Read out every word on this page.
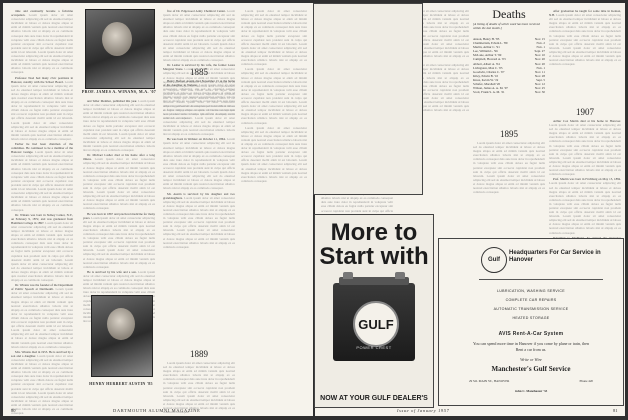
time and eventually became a full-time occupation. Lorem ipsum dolor sit amet consectetur adipiscing elit sed do eiusmod tempor incididunt ut labore et dolore magna aliqua ut enim ad minim veniam quis nostrud exercitation ullamco laboris nisi ut aliquip ex ea commodo consequat duis aute irure dolor in reprehenderit in voluptate velit esse cillum dolore eu fugiat nulla pariatur excepteur sint occaecat cupidatat non proident sunt in culpa qui officia deserunt mollit anim id est laborum. Lorem ipsum dolor sit amet consectetur adipiscing elit sed do eiusmod tempor incididunt ut labore et dolore magna aliqua ut enim ad minim veniam quis nostrud exercitation ullamco laboris nisi ut aliquip ex ea commodo consequat.

Professor Noel had many civic positions in Hanover, notably with the School Board. Lorem ipsum dolor sit amet consectetur adipiscing elit sed do eiusmod tempor incididunt ut labore et dolore magna aliqua ut enim ad minim veniam quis nostrud exercitation ullamco laboris nisi ut aliquip ex ea commodo consequat duis aute irure dolor in reprehenderit in voluptate velit esse cillum dolore eu fugiat nulla pariatur excepteur sint occaecat cupidatat non proident sunt in culpa qui officia deserunt mollit anim id est laborum. Lorem ipsum dolor sit amet consectetur adipiscing elit sed do eiusmod tempor incididunt ut labore et dolore magna aliqua ut enim ad minim veniam quis nostrud exercitation ullamco laboris nisi ut aliquip ex ea commodo consequat.

Earlier he had been chairman of the committee. He continued to be a member of the Hanover Grange. Lorem ipsum dolor sit amet consectetur adipiscing elit sed do eiusmod tempor incididunt ut labore et dolore magna aliqua ut enim ad minim veniam quis nostrud exercitation ullamco laboris nisi ut aliquip ex ea commodo consequat duis aute irure dolor in reprehenderit in voluptate velit esse cillum dolore eu fugiat nulla pariatur excepteur sint occaecat cupidatat non proident sunt in culpa qui officia deserunt mollit anim id est laborum. Lorem ipsum dolor sit amet consectetur adipiscing elit sed do eiusmod tempor incididunt ut labore et dolore magna aliqua ut enim ad minim veniam quis nostrud exercitation ullamco laboris nisi ut aliquip ex ea commodo consequat.

Dr. Winans was born in Sidney Center, N.Y., on February 9, 1872, and was graduated from Hamilton College in 1897. Lorem ipsum dolor sit amet consectetur adipiscing elit sed do eiusmod tempor incididunt ut labore et dolore magna aliqua ut enim ad minim veniam quis nostrud exercitation ullamco laboris nisi ut aliquip ex ea commodo consequat duis aute irure dolor in reprehenderit in voluptate velit esse cillum dolore eu fugiat nulla pariatur excepteur sint occaecat cupidatat non proident sunt in culpa qui officia deserunt mollit anim id est laborum. Lorem ipsum dolor sit amet consectetur adipiscing elit sed do eiusmod tempor incididunt ut labore et dolore magna aliqua ut enim ad minim veniam quis nostrud exercitation ullamco laboris nisi ut aliquip ex ea commodo consequat.

Dr. Winans was the founder of the Department of Public Speech at Dartmouth. Lorem ipsum dolor sit amet consectetur adipiscing elit sed do eiusmod tempor incididunt ut labore et dolore magna aliqua ut enim ad minim veniam quis nostrud exercitation ullamco laboris nisi ut aliquip ex ea commodo consequat duis aute irure dolor in reprehenderit in voluptate velit esse cillum dolore eu fugiat nulla pariatur excepteur sint occaecat cupidatat non proident sunt in culpa qui officia deserunt mollit anim id est laborum. Lorem ipsum dolor sit amet consectetur adipiscing elit sed do eiusmod tempor incididunt ut labore et dolore magna aliqua ut enim ad minim veniam quis nostrud exercitation ullamco laboris nisi ut aliquip ex ea commodo consequat.

Mrs. Winans died in 1955. He is survived by a son and a daughter. Lorem ipsum dolor sit amet consectetur adipiscing elit sed do eiusmod tempor incididunt ut labore et dolore magna aliqua ut enim ad minim veniam quis nostrud exercitation ullamco laboris nisi ut aliquip ex ea commodo consequat duis aute irure dolor in reprehenderit in voluptate velit esse cillum dolore eu fugiat nulla pariatur excepteur sint occaecat cupidatat non proident sunt in culpa qui officia deserunt mollit anim id est laborum. Lorem ipsum dolor sit amet consectetur adipiscing elit sed do eiusmod tempor incididunt ut labore et dolore magna aliqua ut enim ad minim veniam quis nostrud exercitation ullamco laboris nisi ut aliquip ex ea commodo consequat.

PROF. JAMES A. WINANS, M.A. '07

and Teller Member, published this year. Lorem ipsum dolor sit amet consectetur adipiscing elit sed do eiusmod tempor incididunt ut labore et dolore magna aliqua ut enim ad minim veniam quis nostrud exercitation ullamco laboris nisi ut aliquip ex ea commodo consequat duis aute irure dolor in reprehenderit in voluptate velit esse cillum dolore eu fugiat nulla pariatur excepteur sint occaecat cupidatat non proident sunt in culpa qui officia deserunt mollit anim id est laborum. Lorem ipsum dolor sit amet consectetur adipiscing elit sed do eiusmod tempor incididunt ut labore et dolore magna aliqua ut enim ad minim veniam quis nostrud exercitation ullamco laboris nisi ut aliquip ex ea commodo consequat.

Dr. Michael Lasher died at his home after a long illness. Lorem ipsum dolor sit amet consectetur adipiscing elit sed do eiusmod tempor incididunt ut labore et dolore magna aliqua ut enim ad minim veniam quis nostrud exercitation ullamco laboris nisi ut aliquip ex ea commodo consequat duis aute irure dolor in reprehenderit in voluptate velit esse cillum dolore eu fugiat nulla pariatur excepteur sint occaecat cupidatat non proident sunt in culpa qui officia deserunt mollit anim id est laborum. Lorem ipsum dolor sit amet consectetur adipiscing elit sed do eiusmod tempor incididunt ut labore et dolore magna aliqua ut enim ad minim veniam quis nostrud exercitation ullamco laboris nisi ut aliquip ex ea commodo consequat.

He was born in 1867 and practiced medicine for many years. Lorem ipsum dolor sit amet consectetur adipiscing elit sed do eiusmod tempor incididunt ut labore et dolore magna aliqua ut enim ad minim veniam quis nostrud exercitation ullamco laboris nisi ut aliquip ex ea commodo consequat duis aute irure dolor in reprehenderit in voluptate velit esse cillum dolore eu fugiat nulla pariatur excepteur sint occaecat cupidatat non proident sunt in culpa qui officia deserunt mollit anim id est laborum. Lorem ipsum dolor sit amet consectetur adipiscing elit sed do eiusmod tempor incididunt ut labore et dolore magna aliqua ut enim ad minim veniam quis nostrud exercitation ullamco laboris nisi ut aliquip ex ea commodo consequat.

He is survived by his wife and a son. Lorem ipsum dolor sit amet consectetur adipiscing elit sed do eiusmod tempor incididunt ut labore et dolore magna aliqua ut enim ad minim veniam quis nostrud exercitation ullamco laboris nisi ut aliquip ex ea commodo consequat duis aute irure dolor in reprehenderit in voluptate velit esse cillum dolore eu fugiat nulla pariatur excepteur sint occaecat cupidatat non proident sunt in culpa qui officia deserunt mollit anim id est laborum. Lorem ipsum dolor sit amet consectetur adipiscing elit sed do eiusmod tempor incididunt ut labore et dolore magna aliqua ut enim ad minim veniam quis nostrud exercitation ullamco laboris nisi ut aliquip ex ea commodo consequat.

HENRY HERBERT AUSTIN '85
1885

fice of Dr. Edgewood Army Chemical Center. Lorem ipsum dolor sit amet consectetur adipiscing elit sed do eiusmod tempor incididunt ut labore et dolore magna aliqua ut enim ad minim veniam quis nostrud exercitation ullamco laboris nisi ut aliquip ex ea commodo consequat duis aute irure dolor in reprehenderit in voluptate velit esse cillum dolore eu fugiat nulla pariatur excepteur sint occaecat cupidatat non proident sunt in culpa qui officia deserunt mollit anim id est laborum. Lorem ipsum dolor sit amet consectetur adipiscing elit sed do eiusmod tempor incididunt ut labore et dolore magna aliqua ut enim ad minim veniam quis nostrud exercitation ullamco laboris nisi ut aliquip ex ea commodo consequat.

Dr. Lasher is survived by his wife, the former Laura Margaret Stone. Lorem ipsum dolor sit amet consectetur adipiscing elit sed do eiusmod tempor incididunt ut labore et dolore magna aliqua ut enim ad minim veniam quis nostrud exercitation ullamco laboris nisi ut aliquip ex ea commodo consequat duis aute irure dolor in reprehenderit in voluptate velit esse cillum dolore eu fugiat nulla pariatur excepteur sint occaecat cupidatat non proident sunt in culpa qui officia deserunt mollit anim id est laborum. Lorem ipsum dolor sit amet consectetur adipiscing elit sed do eiusmod tempor incididunt ut labore et dolore magna aliqua ut enim ad minim veniam quis nostrud exercitation ullamco laboris nisi ut aliquip ex ea commodo consequat.

Henry Herbert Austin died November 15 at the home of his daughter in Webster. Lorem ipsum dolor sit amet consectetur adipiscing elit sed do eiusmod tempor incididunt ut labore et dolore magna aliqua ut enim ad minim veniam quis nostrud exercitation ullamco laboris nisi ut aliquip ex ea commodo consequat duis aute irure dolor in reprehenderit in voluptate velit esse cillum dolore eu fugiat nulla pariatur excepteur sint occaecat cupidatat non proident sunt in culpa qui officia deserunt mollit anim id est laborum. Lorem ipsum dolor sit amet consectetur adipiscing elit sed do eiusmod tempor incididunt ut labore et dolore magna aliqua ut enim ad minim veniam quis nostrud exercitation ullamco laboris nisi ut aliquip ex ea commodo consequat.

He was born in Webster on October 11, 1864. Lorem ipsum dolor sit amet consectetur adipiscing elit sed do eiusmod tempor incididunt ut labore et dolore magna aliqua ut enim ad minim veniam quis nostrud exercitation ullamco laboris nisi ut aliquip ex ea commodo consequat duis aute irure dolor in reprehenderit in voluptate velit esse cillum dolore eu fugiat nulla pariatur excepteur sint occaecat cupidatat non proident sunt in culpa qui officia deserunt mollit anim id est laborum. Lorem ipsum dolor sit amet consectetur adipiscing elit sed do eiusmod tempor incididunt ut labore et dolore magna aliqua ut enim ad minim veniam quis nostrud exercitation ullamco laboris nisi ut aliquip ex ea commodo consequat.

Mr. Austin is survived by his daughter and two granddaughters. Lorem ipsum dolor sit amet consectetur adipiscing elit sed do eiusmod tempor incididunt ut labore et dolore magna aliqua ut enim ad minim veniam quis nostrud exercitation ullamco laboris nisi ut aliquip ex ea commodo consequat duis aute irure dolor in reprehenderit in voluptate velit esse cillum dolore eu fugiat nulla pariatur excepteur sint occaecat cupidatat non proident sunt in culpa qui officia deserunt mollit anim id est laborum. Lorem ipsum dolor sit amet consectetur adipiscing elit sed do eiusmod tempor incididunt ut labore et dolore magna aliqua ut enim ad minim veniam quis nostrud exercitation ullamco laboris nisi ut aliquip ex ea commodo consequat.

1889

Lorem ipsum dolor sit amet consectetur adipiscing elit sed do eiusmod tempor incididunt ut labore et dolore magna aliqua ut enim ad minim veniam quis nostrud exercitation ullamco laboris nisi ut aliquip ex ea commodo consequat duis aute irure dolor in reprehenderit in voluptate velit esse cillum dolore eu fugiat nulla pariatur excepteur sint occaecat cupidatat non proident sunt in culpa qui officia deserunt mollit anim id est laborum. Lorem ipsum dolor sit amet consectetur adipiscing elit sed do eiusmod tempor incididunt ut labore et dolore magna aliqua ut enim ad minim veniam quis nostrud exercitation ullamco laboris nisi ut aliquip ex ea commodo consequat.

Lorem ipsum dolor sit amet consectetur adipiscing elit sed do eiusmod tempor incididunt ut labore et dolore magna aliqua ut enim ad minim veniam quis nostrud exercitation ullamco laboris nisi ut aliquip ex ea commodo consequat duis aute irure dolor in reprehenderit in voluptate velit esse cillum dolore eu fugiat nulla pariatur excepteur sint occaecat cupidatat non proident sunt in culpa qui officia deserunt mollit anim id est laborum. Lorem ipsum dolor sit amet consectetur adipiscing elit sed do eiusmod tempor incididunt ut labore et dolore magna aliqua ut enim ad minim veniam quis nostrud exercitation ullamco laboris nisi ut aliquip ex ea commodo consequat.

Lorem ipsum dolor sit amet consectetur adipiscing elit sed do eiusmod tempor incididunt ut labore et dolore magna aliqua ut enim ad minim veniam quis nostrud exercitation ullamco laboris nisi ut aliquip ex ea commodo consequat duis aute irure dolor in reprehenderit in voluptate velit esse cillum dolore eu fugiat nulla pariatur excepteur sint occaecat cupidatat non proident sunt in culpa qui officia deserunt mollit anim id est laborum. Lorem ipsum dolor sit amet consectetur adipiscing elit sed do eiusmod tempor incididunt ut labore et dolore magna aliqua ut enim ad minim veniam quis nostrud exercitation ullamco laboris nisi ut aliquip ex ea commodo consequat.

Lorem ipsum dolor sit amet consectetur adipiscing elit sed do eiusmod tempor incididunt ut labore et dolore magna aliqua ut enim ad minim veniam quis nostrud exercitation ullamco laboris nisi ut aliquip ex ea commodo consequat duis aute irure dolor in reprehenderit in voluptate velit esse cillum dolore eu fugiat nulla pariatur excepteur sint occaecat cupidatat non proident sunt in culpa qui officia deserunt mollit anim id est laborum. Lorem ipsum dolor sit amet consectetur adipiscing elit sed do eiusmod tempor incididunt ut labore et dolore magna aliqua ut enim ad minim veniam quis nostrud exercitation ullamco laboris nisi ut aliquip ex ea commodo consequat.

80	DARTMOUTH ALUMNI MAGAZINE

Lorem ipsum dolor sit amet consectetur adipiscing elit sed do eiusmod tempor incididunt ut labore et dolore magna aliqua ut enim ad minim veniam quis nostrud exercitation ullamco laboris nisi ut aliquip ex ea commodo consequat duis aute irure dolor in reprehenderit in voluptate velit esse cillum dolore eu fugiat nulla pariatur excepteur sint occaecat cupidatat non proident sunt in culpa qui officia deserunt mollit anim id est laborum. Lorem ipsum dolor sit amet consectetur adipiscing elit sed do eiusmod tempor incididunt ut labore et dolore magna aliqua ut enim ad minim veniam quis nostrud exercitation ullamco laboris nisi ut aliquip ex ea commodo consequat.

Lorem ipsum dolor sit amet consectetur adipiscing elit sed do eiusmod tempor incididunt ut labore et dolore magna aliqua ut enim ad minim veniam quis nostrud exercitation ullamco laboris nisi ut aliquip ex ea commodo consequat duis aute irure dolor in reprehenderit in voluptate velit esse cillum dolore eu fugiat nulla pariatur excepteur sint occaecat cupidatat non proident sunt in culpa qui officia deserunt mollit anim id est laborum. Lorem ipsum dolor sit amet consectetur adipiscing elit sed do eiusmod tempor incididunt ut labore et dolore magna aliqua ut enim ad minim veniam quis nostrud exercitation ullamco laboris nisi ut aliquip ex ea commodo consequat.

Lorem ipsum dolor sit amet consectetur adipiscing elit sed do eiusmod tempor incididunt ut labore et dolore magna aliqua ut enim ad minim veniam quis nostrud exercitation ullamco laboris nisi ut aliquip ex ea commodo consequat duis aute irure dolor in reprehenderit in voluptate velit esse cillum dolore eu fugiat nulla pariatur excepteur sint occaecat cupidatat non proident sunt in culpa qui officia deserunt mollit anim id est laborum. Lorem ipsum dolor sit amet consectetur adipiscing elit sed do eiusmod tempor incididunt ut labore et dolore magna aliqua ut enim ad minim veniam quis nostrud exercitation ullamco laboris nisi ut aliquip ex ea commodo consequat.

Lorem ipsum dolor sit amet consectetur adipiscing elit sed do eiusmod tempor incididunt ut labore et dolore magna aliqua ut enim ad minim veniam quis nostrud exercitation ullamco laboris nisi ut aliquip ex ea commodo consequat duis aute irure dolor in reprehenderit in voluptate velit esse cillum dolore eu fugiat nulla pariatur excepteur sint occaecat cupidatat non proident sunt in culpa qui officia deserunt mollit anim id est laborum. Lorem ipsum dolor sit amet consectetur adipiscing elit sed do eiusmod tempor incididunt ut labore et dolore magna aliqua ut enim ad minim veniam quis nostrud exercitation ullamco laboris nisi ut aliquip ex ea commodo consequat.

Lorem ipsum dolor sit amet consectetur adipiscing elit sed do eiusmod tempor incididunt ut labore et dolore magna aliqua ut enim ad minim veniam quis nostrud exercitation ullamco laboris nisi ut aliquip ex ea commodo consequat duis aute irure dolor in reprehenderit in voluptate velit esse cillum dolore eu fugiat nulla pariatur excepteur sint occaecat cupidatat non proident sunt in culpa qui officia deserunt mollit anim id est laborum. Lorem ipsum dolor sit amet consectetur adipiscing elit sed do eiusmod tempor incididunt ut labore et dolore magna aliqua ut enim ad minim veniam quis nostrud exercitation ullamco laboris nisi ut aliquip ex ea commodo consequat.

Lorem ipsum dolor sit amet consectetur adipiscing elit sed do eiusmod tempor incididunt ut labore et dolore magna aliqua ut enim ad minim veniam quis nostrud exercitation ullamco laboris nisi ut aliquip ex ea commodo consequat duis aute irure dolor in reprehenderit in voluptate velit esse cillum dolore eu fugiat nulla pariatur excepteur sint occaecat cupidatat non proident sunt in culpa qui officia deserunt mollit anim id est laborum. Lorem ipsum dolor sit amet consectetur adipiscing elit sed do eiusmod tempor incididunt ut labore et dolore magna aliqua ut enim ad minim veniam quis nostrud exercitation ullamco laboris nisi ut aliquip ex ea commodo consequat.

Deaths
[A listing of deaths of which word has been received within the last month.]
Anson, Henry H. '85	Nov. 15
Chamberlain, Edwin L. '89	Nov. 2
Martin, Arthur C. '91	Nov. 1
Lee, William L. '96	Sept. 27
McLane, Arthur T. '99	Nov. 10
Campbell, Howard A. '03	Nov. 20
Abbott, Albert A. '04	Nov. 20
Livingston, Max C. '05	Nov. 1
Goodwin, Charles C. '07	Nov. 11
Kiley, Edwin B. '10	Nov. 28
Knox, Kevin W. '19	Sept. 5
Schafer, Marshall '20	Nov. 12
Wilson, James A. A. M. '07	Nov. 25
Scott, Frank S. A. M. '21	Nov. 30
1895

Lorem ipsum dolor sit amet consectetur adipiscing elit sed do eiusmod tempor incididunt ut labore et dolore magna aliqua ut enim ad minim veniam quis nostrud exercitation ullamco laboris nisi ut aliquip ex ea commodo consequat duis aute irure dolor in reprehenderit in voluptate velit esse cillum dolore eu fugiat nulla pariatur excepteur sint occaecat cupidatat non proident sunt in culpa qui officia deserunt mollit anim id est laborum. Lorem ipsum dolor sit amet consectetur adipiscing elit sed do eiusmod tempor incididunt ut labore et dolore magna aliqua ut enim ad minim veniam quis nostrud exercitation ullamco laboris nisi ut aliquip ex ea commodo consequat.

After graduation he taught for some time in Kenton, N.H. Lorem ipsum dolor sit amet consectetur adipiscing elit sed do eiusmod tempor incididunt ut labore et dolore magna aliqua ut enim ad minim veniam quis nostrud exercitation ullamco laboris nisi ut aliquip ex ea commodo consequat duis aute irure dolor in reprehenderit in voluptate velit esse cillum dolore eu fugiat nulla pariatur excepteur sint occaecat cupidatat non proident sunt in culpa qui officia deserunt mollit anim id est laborum. Lorem ipsum dolor sit amet consectetur adipiscing elit sed do eiusmod tempor incididunt ut labore et dolore magna aliqua ut enim ad minim veniam quis nostrud exercitation ullamco laboris nisi ut aliquip ex ea commodo consequat.

1907

Arthur Cox Martin died at his home in Hanover. Lorem ipsum dolor sit amet consectetur adipiscing elit sed do eiusmod tempor incididunt ut labore et dolore magna aliqua ut enim ad minim veniam quis nostrud exercitation ullamco laboris nisi ut aliquip ex ea commodo consequat duis aute irure dolor in reprehenderit in voluptate velit esse cillum dolore eu fugiat nulla pariatur excepteur sint occaecat cupidatat non proident sunt in culpa qui officia deserunt mollit anim id est laborum. Lorem ipsum dolor sit amet consectetur adipiscing elit sed do eiusmod tempor incididunt ut labore et dolore magna aliqua ut enim ad minim veniam quis nostrud exercitation ullamco laboris nisi ut aliquip ex ea commodo consequat.

Prof. Martin was born in Fitchburg on May 15, 1884. Lorem ipsum dolor sit amet consectetur adipiscing elit sed do eiusmod tempor incididunt ut labore et dolore magna aliqua ut enim ad minim veniam quis nostrud exercitation ullamco laboris nisi ut aliquip ex ea commodo consequat duis aute irure dolor in reprehenderit in voluptate velit esse cillum dolore eu fugiat nulla pariatur excepteur sint occaecat cupidatat non proident sunt in culpa qui officia deserunt mollit anim id est laborum. Lorem ipsum dolor sit amet consectetur adipiscing elit sed do eiusmod tempor incididunt ut labore et dolore magna aliqua ut enim ad minim veniam quis nostrud exercitation ullamco laboris nisi ut aliquip ex ea commodo consequat.

Lorem ipsum dolor sit amet consectetur adipiscing elit sed do eiusmod tempor incididunt ut labore et dolore magna aliqua ut enim ad minim veniam quis nostrud exercitation ullamco laboris nisi ut aliquip ex ea commodo consequat duis aute irure dolor in reprehenderit in voluptate velit esse cillum dolore eu fugiat nulla pariatur excepteur sint occaecat cupidatat non proident sunt in culpa qui officia deserunt mollit anim id est laborum. Lorem ipsum dolor sit amet consectetur adipiscing elit sed do eiusmod tempor incididunt ut labore et dolore magna aliqua ut enim ad minim veniam quis nostrud exercitation ullamco laboris nisi ut aliquip ex ea commodo consequat.

81
Issue of January 1957
More to Start with
GULF
POWER CREST
NOW AT YOUR GULF DEALER'S
Gulf
Headquarters For Car Service in Hanover
LUBRICATION, WASHING SERVICE
COMPLETE CAR REPAIRS
AUTOMATIC TRANSMISSION SERVICE
HEATED STORAGE
AVIS Rent-A-Car System
You can spend more time in Hanover if you come by plane or train, then
Rent a car from us.
Write or Wire
Manchester's Gulf Service
29 SO. MAIN ST., HANOVER	Phone 420
John C. Manchester '33
